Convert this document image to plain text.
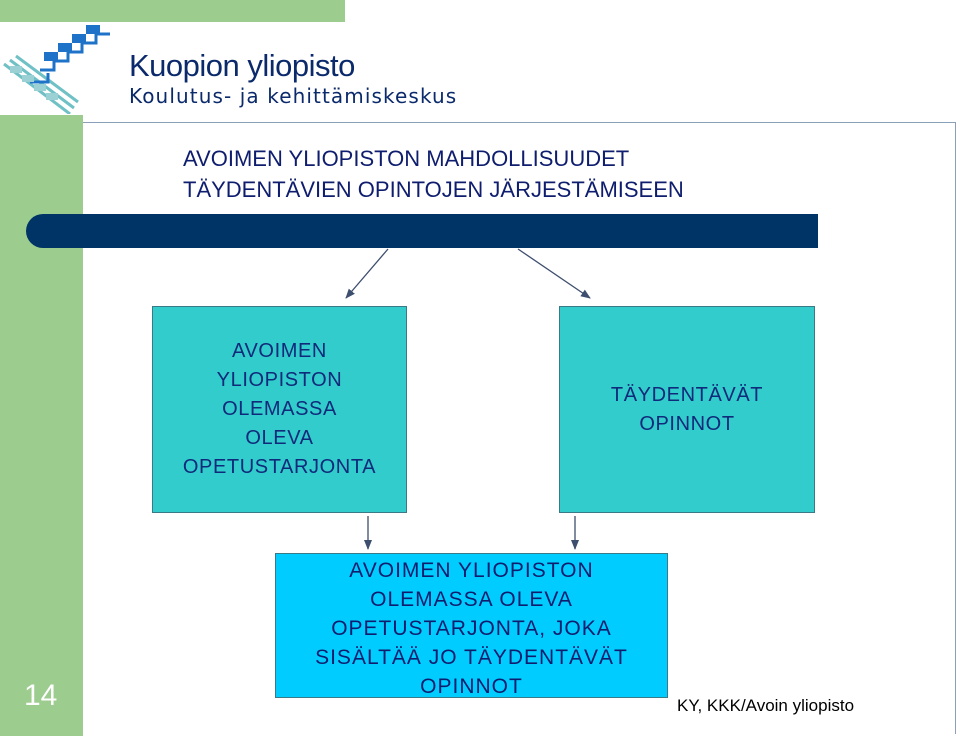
Kuopion yliopisto
Koulutus- ja kehittämiskeskus
AVOIMEN YLIOPISTON MAHDOLLISUUDET
TÄYDENTÄVIEN OPINTOJEN JÄRJESTÄMISEEN
AVOIMEN
YLIOPISTON
OLEMASSA
OLEVA
OPETUSTARJONTA
TÄYDENTÄVÄT
OPINNOT
AVOIMEN YLIOPISTON
OLEMASSA OLEVA
OPETUSTARJONTA, JOKA
SISÄLTÄÄ JO TÄYDENTÄVÄT
OPINNOT
14	KY, KKK/Avoin yliopisto
